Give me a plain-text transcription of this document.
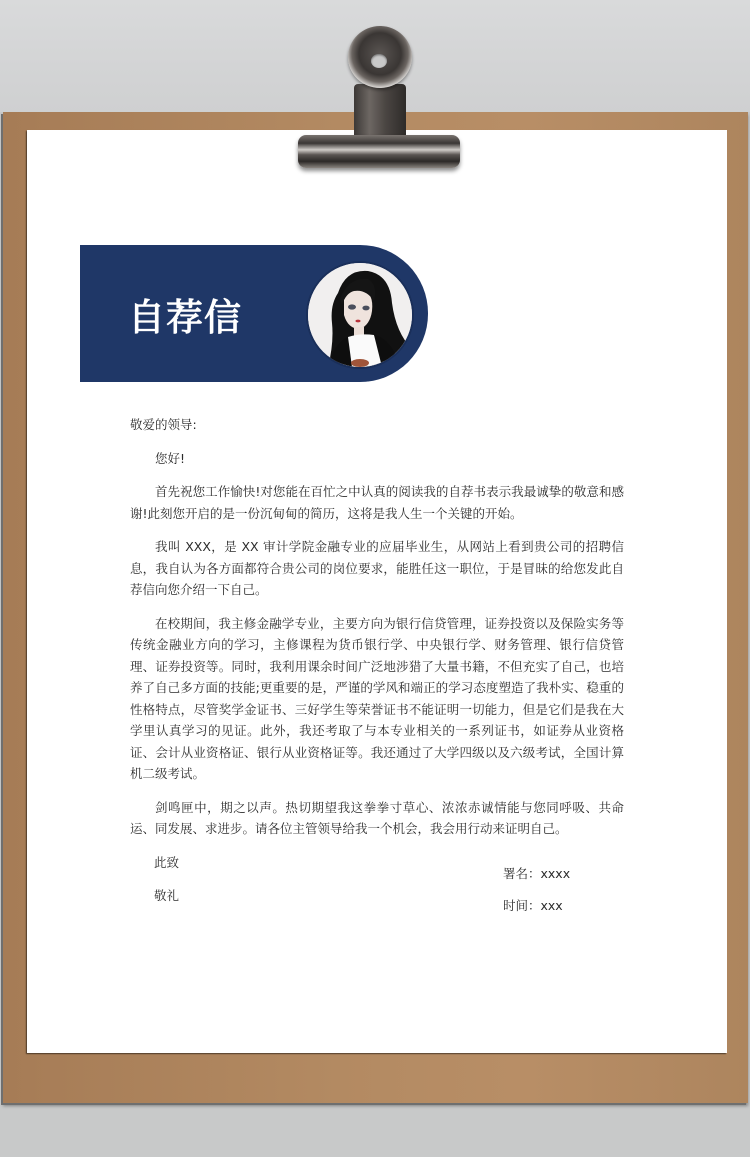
自荐信

敬爱的领导:

您好!

首先祝您工作愉快!对您能在百忙之中认真的阅读我的自荐书表示我最诚挚的敬意和感谢!此刻您开启的是一份沉甸甸的简历，这将是我人生一个关键的开始。

我叫 XXX，是 XX 审计学院金融专业的应届毕业生，从网站上看到贵公司的招聘信息，我自认为各方面都符合贵公司的岗位要求，能胜任这一职位，于是冒昧的给您发此自荐信向您介绍一下自己。

在校期间，我主修金融学专业，主要方向为银行信贷管理，证券投资以及保险实务等传统金融业方向的学习，主修课程为货币银行学、中央银行学、财务管理、银行信贷管理、证券投资等。同时，我利用课余时间广泛地涉猎了大量书籍，不但充实了自己，也培养了自己多方面的技能;更重要的是，严谨的学风和端正的学习态度塑造了我朴实、稳重的性格特点，尽管奖学金证书、三好学生等荣誉证书不能证明一切能力，但是它们是我在大学里认真学习的见证。此外，我还考取了与本专业相关的一系列证书，如证券从业资格证、会计从业资格证、银行从业资格证等。我还通过了大学四级以及六级考试，全国计算机二级考试。

剑鸣匣中，期之以声。热切期望我这拳拳寸草心、浓浓赤诚情能与您同呼吸、共命运、同发展、求进步。请各位主管领导给我一个机会，我会用行动来证明自己。

此致

敬礼

署名：xxxx
时间：xxx
